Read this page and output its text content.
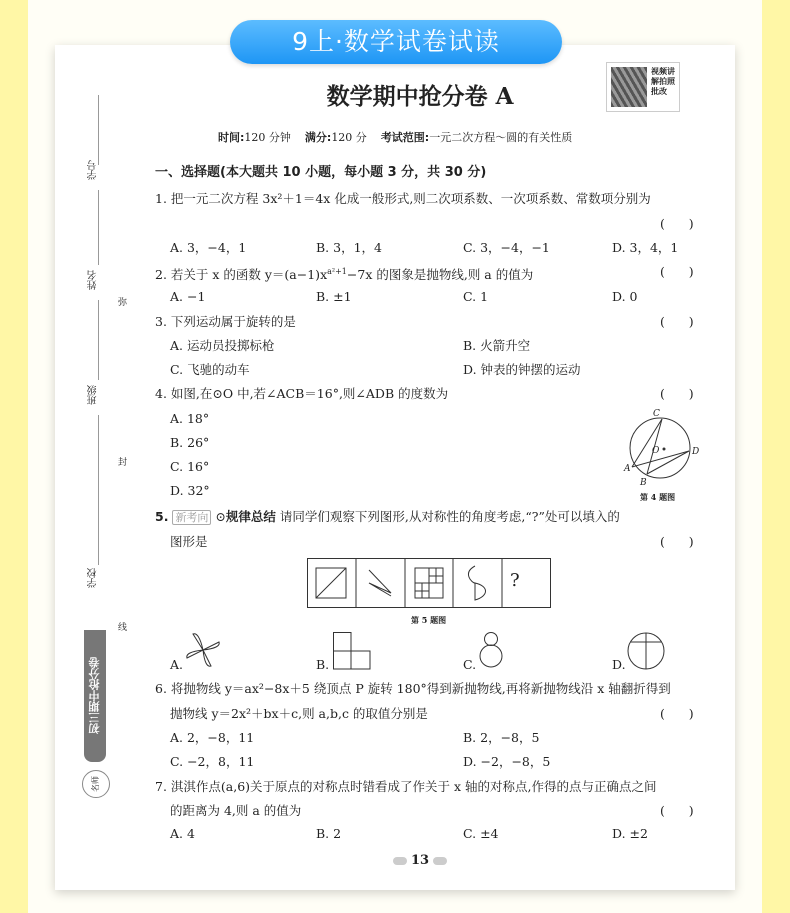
9上·数学试卷试读
数学期中抢分卷 A
视频讲解拍照批改
时间:120 分钟 满分:120 分 考试范围:一元二次方程～圆的有关性质
学号
姓名
班级
学校
弥
封
线
初三期中抢分卷
名师
一、选择题(本大题共 10 小题，每小题 3 分，共 30 分)
1. 把一元二次方程 3x²＋1＝4x 化成一般形式,则二次项系数、一次项系数、常数项分别为
(      )
A. 3，−4，1	B. 3，1，4	C. 3，−4，−1	D. 3，4，1
2. 若关于 x 的函数 $y=(a-1)x^{a^2+1}-7x$ 的图象是抛物线,则 a 的值为	(      )
A. −1	B. ±1	C. 1	D. 0
3. 下列运动属于旋转的是	(      )
A. 运动员投掷标枪	B. 火箭升空
C. 飞驰的动车	D. 钟表的钟摆的运动
4. 如图,在⊙O 中,若∠ACB＝16°,则∠ADB 的度数为	(      )
A. 18°
B. 26°
C. 16°
D. 32°
C
O	D
A
B
第 4 题图
5. 新考向 ⊙规律总结 请同学们观察下列图形,从对称性的角度考虑,“?”处可以填入的
图形是	(      )
?
第 5 题图
A.	B.	C.	D.
6. 将抛物线 y＝ax²−8x＋5 绕顶点 P 旋转 180°得到新抛物线,再将新抛物线沿 x 轴翻折得到
抛物线 y＝2x²＋bx＋c,则 a,b,c 的取值分别是	(      )
A. 2，−8，11	B. 2，−8，5
C. −2，8，11	D. −2，−8，5
7. 淇淇作点(a,6)关于原点的对称点时错看成了作关于 x 轴的对称点,作得的点与正确点之间
的距离为 4,则 a 的值为	(      )
A. 4	B. 2	C. ±4	D. ±2
13
